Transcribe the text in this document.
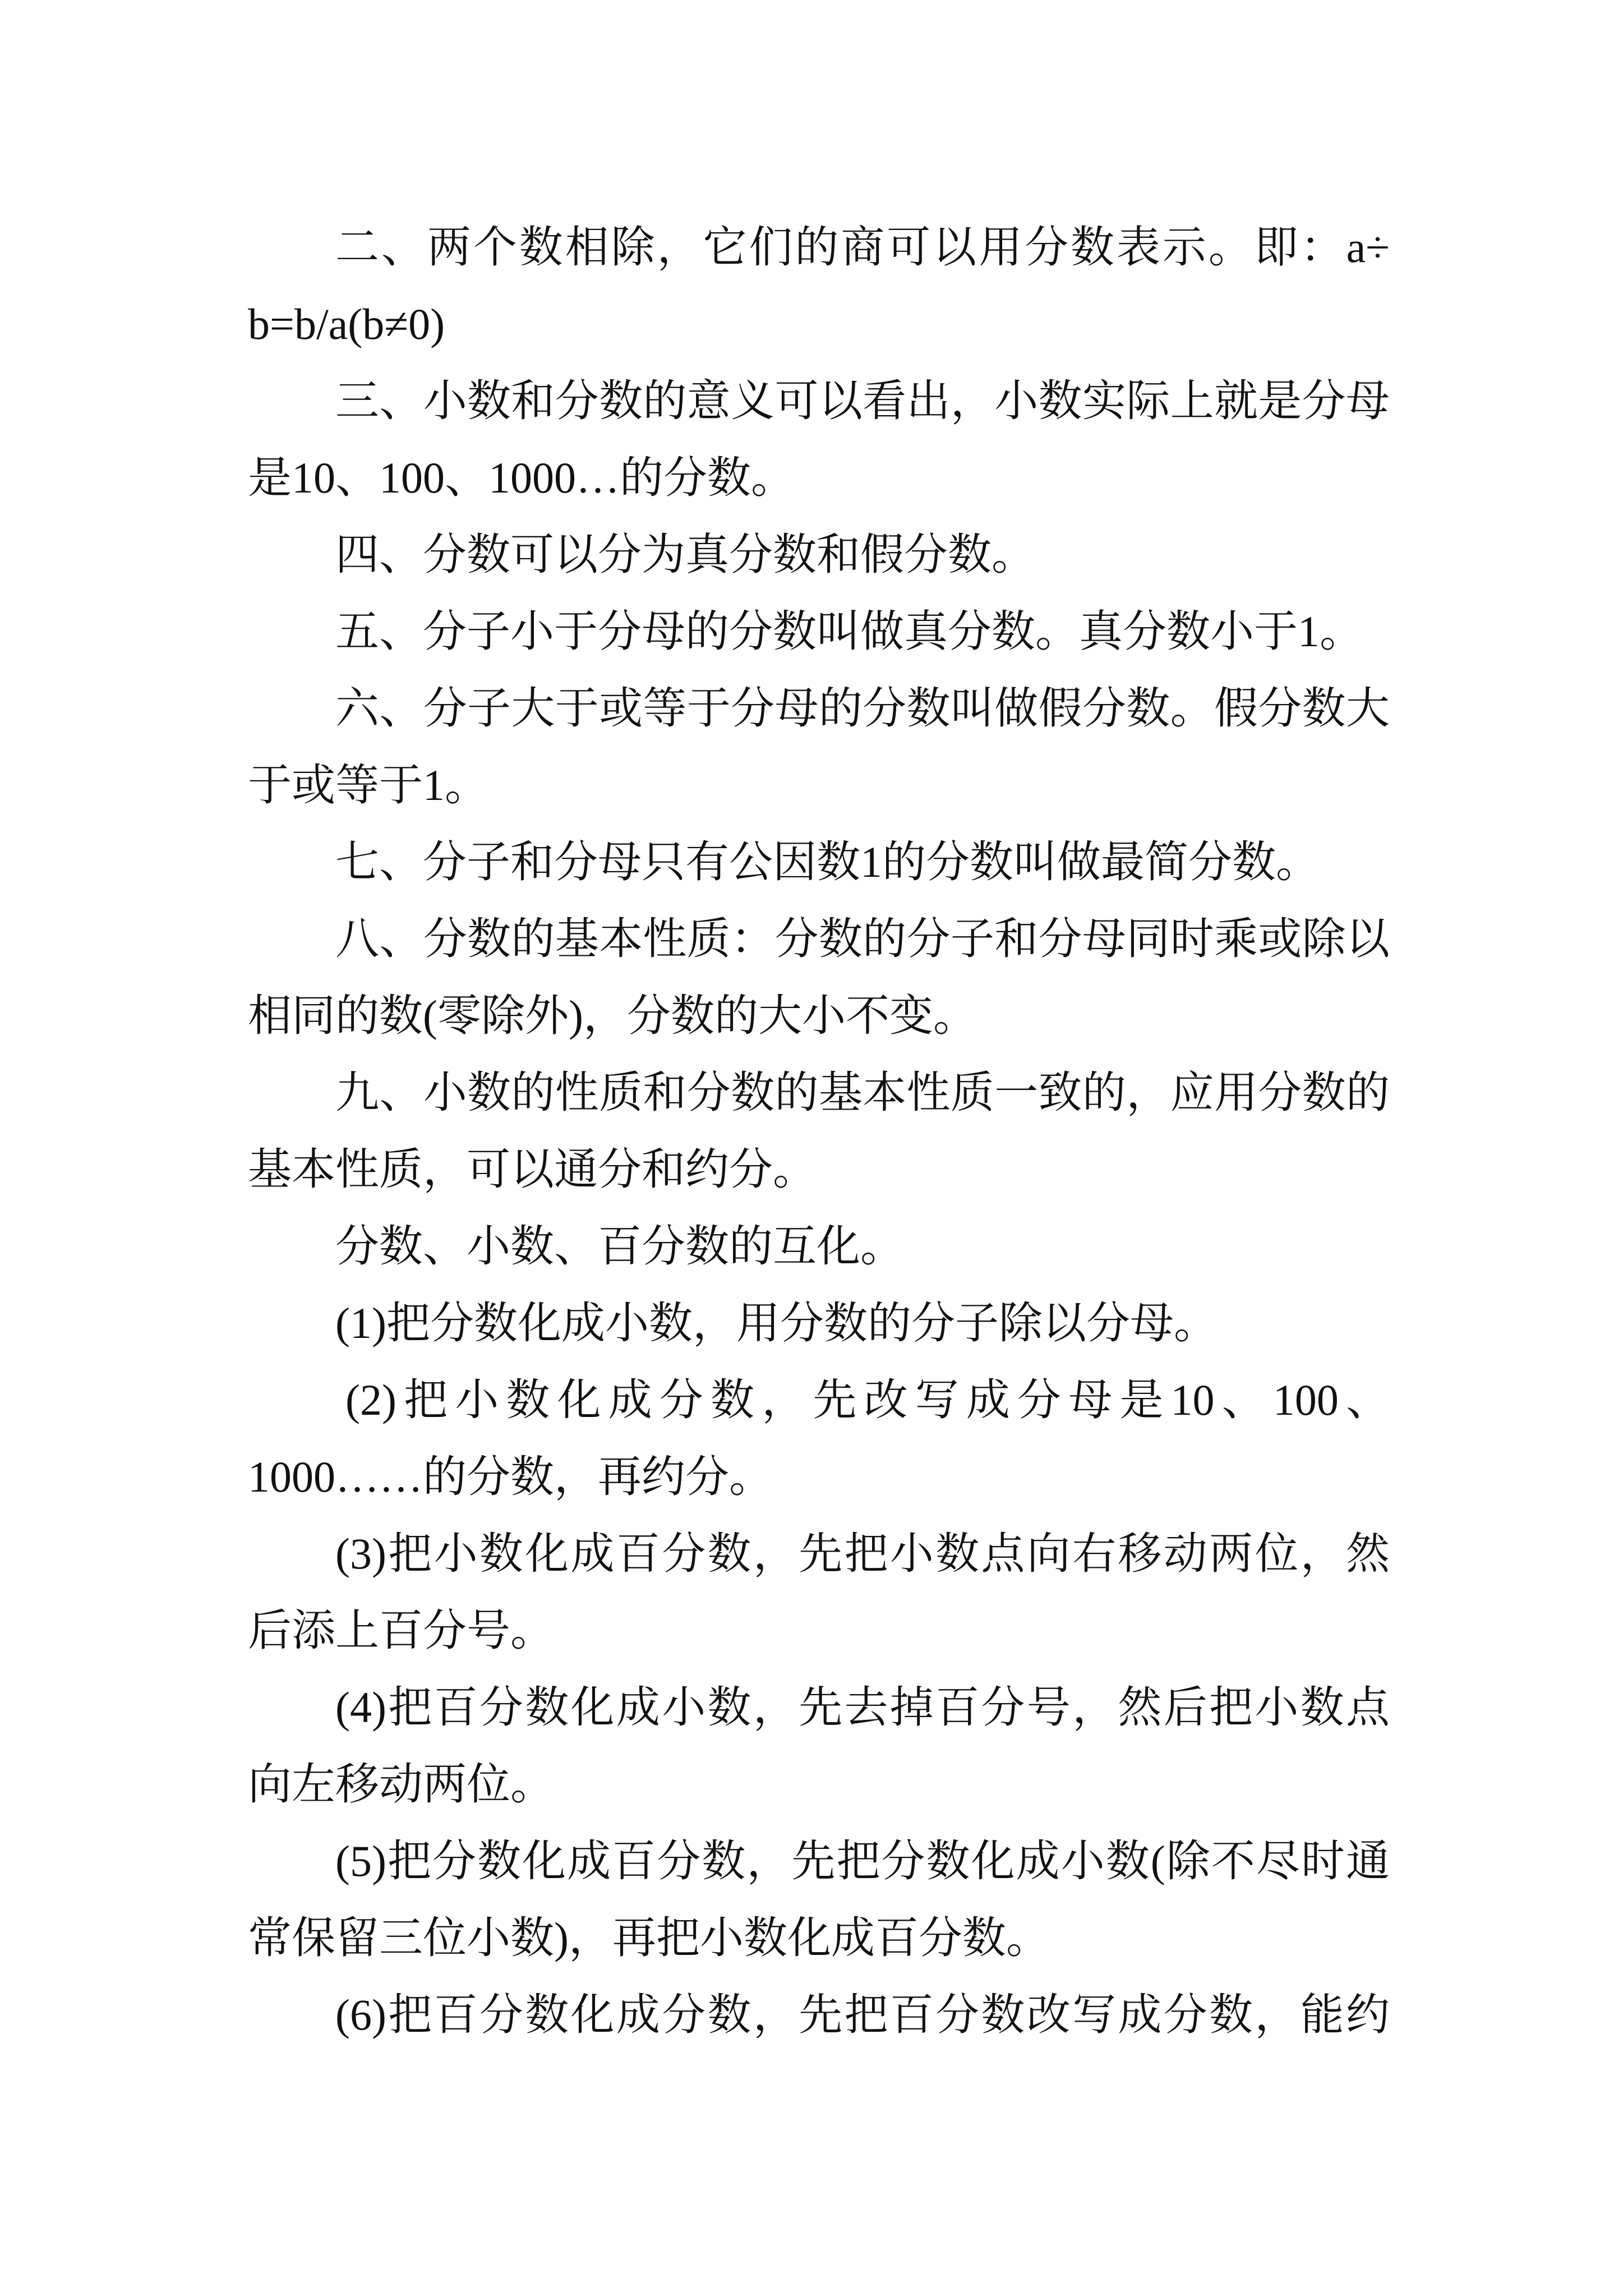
二、两个数相除，它们的商可以用分数表示。即：a÷
b=b/a(b≠0)
三、小数和分数的意义可以看出，小数实际上就是分母
是10、100、1000…的分数。
四、分数可以分为真分数和假分数。
五、分子小于分母的分数叫做真分数。真分数小于1。
六、分子大于或等于分母的分数叫做假分数。假分数大
于或等于1。
七、分子和分母只有公因数1的分数叫做最简分数。
八、分数的基本性质：分数的分子和分母同时乘或除以
相同的数(零除外)，分数的大小不变。
九、小数的性质和分数的基本性质一致的，应用分数的
基本性质，可以通分和约分。
分数、小数、百分数的互化。
(1)把分数化成小数，用分数的分子除以分母。
(2)把小数化成分数，先改写成分母是10、100、
1000……的分数，再约分。
(3)把小数化成百分数，先把小数点向右移动两位，然
后添上百分号。
(4)把百分数化成小数，先去掉百分号，然后把小数点
向左移动两位。
(5)把分数化成百分数，先把分数化成小数(除不尽时通
常保留三位小数)，再把小数化成百分数。
(6)把百分数化成分数，先把百分数改写成分数，能约
